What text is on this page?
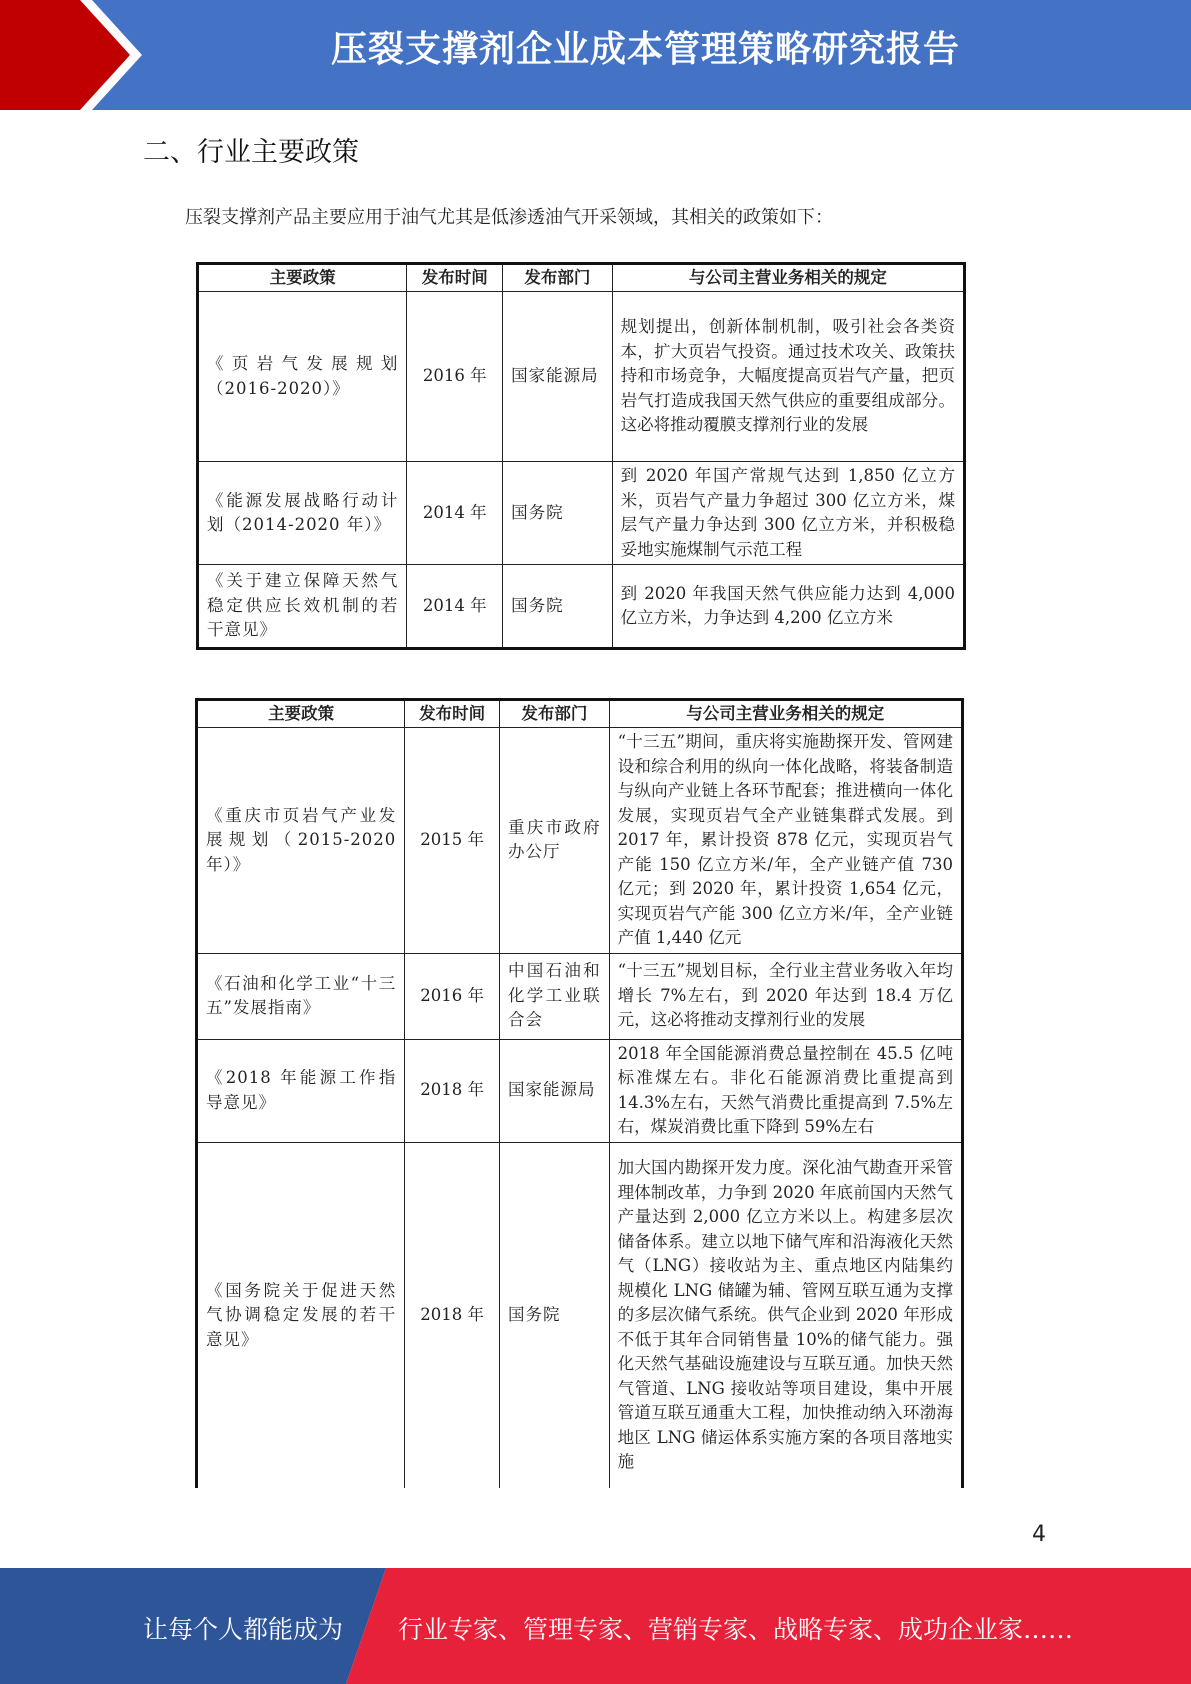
压裂支撑剂企业成本管理策略研究报告
二、行业主要政策
压裂支撑剂产品主要应用于油气尤其是低渗透油气开采领域，其相关的政策如下：
主要政策	发布时间	发布部门	与公司主营业务相关的规定
《页岩气发展规划（2016-2020）》	2016 年	国家能源局	规划提出，创新体制机制，吸引社会各类资本，扩大页岩气投资。通过技术攻关、政策扶持和市场竞争，大幅度提高页岩气产量，把页岩气打造成我国天然气供应的重要组成部分。这必将推动覆膜支撑剂行业的发展
《能源发展战略行动计划（2014-2020 年）》	2014 年	国务院	到 2020 年国产常规气达到 1,850 亿立方米，页岩气产量力争超过 300 亿立方米，煤层气产量力争达到 300 亿立方米，并积极稳妥地实施煤制气示范工程
《关于建立保障天然气稳定供应长效机制的若干意见》	2014 年	国务院	到 2020 年我国天然气供应能力达到 4,000 亿立方米，力争达到 4,200 亿立方米
主要政策	发布时间	发布部门	与公司主营业务相关的规定
《重庆市页岩气产业发展规划（2015-2020 年）》	2015 年	重庆市政府办公厅	“十三五”期间，重庆将实施勘探开发、管网建设和综合利用的纵向一体化战略，将装备制造与纵向产业链上各环节配套；推进横向一体化发展，实现页岩气全产业链集群式发展。到 2017 年，累计投资 878 亿元，实现页岩气产能 150 亿立方米/年，全产业链产值 730 亿元；到 2020 年，累计投资 1,654 亿元，实现页岩气产能 300 亿立方米/年，全产业链产值 1,440 亿元
《石油和化学工业“十三五”发展指南》	2016 年	中国石油和化学工业联合会	“十三五”规划目标，全行业主营业务收入年均增长 7%左右，到 2020 年达到 18.4 万亿元，这必将推动支撑剂行业的发展
《2018 年能源工作指导意见》	2018 年	国家能源局	2018 年全国能源消费总量控制在 45.5 亿吨标准煤左右。非化石能源消费比重提高到 14.3%左右，天然气消费比重提高到 7.5%左右，煤炭消费比重下降到 59%左右
《国务院关于促进天然气协调稳定发展的若干意见》	2018 年	国务院	加大国内勘探开发力度。深化油气勘查开采管理体制改革，力争到 2020 年底前国内天然气产量达到 2,000 亿立方米以上。构建多层次储备体系。建立以地下储气库和沿海液化天然气（LNG）接收站为主、重点地区内陆集约规模化 LNG 储罐为辅、管网互联互通为支撑的多层次储气系统。供气企业到 2020 年形成不低于其年合同销售量 10%的储气能力。强化天然气基础设施建设与互联互通。加快天然气管道、LNG 接收站等项目建设，集中开展管道互联互通重大工程，加快推动纳入环渤海地区 LNG 储运体系实施方案的各项目落地实施
4
让每个人都能成为 行业专家、管理专家、营销专家、战略专家、成功企业家……
